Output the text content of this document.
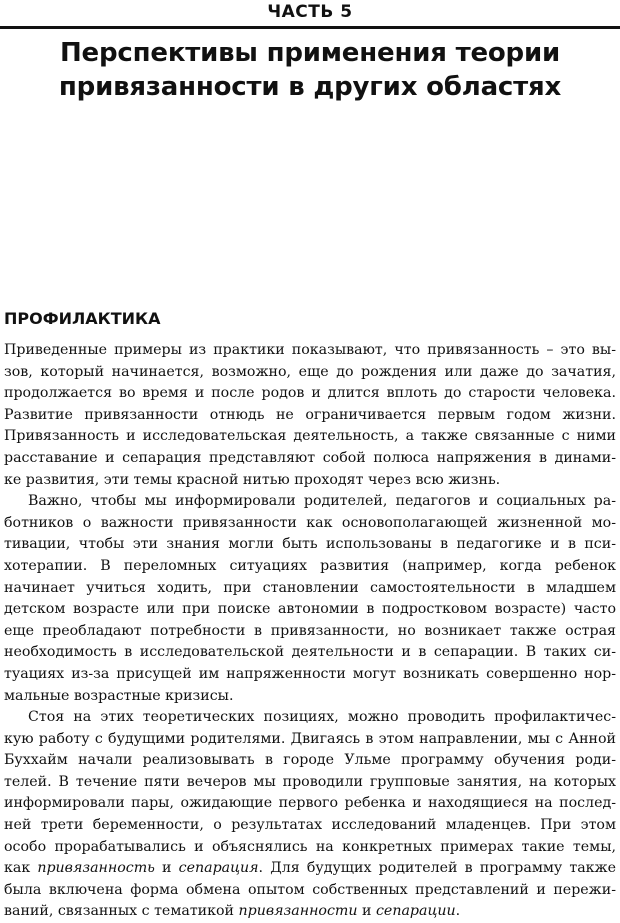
ЧАСТЬ 5
Перспективы применения теории
привязанности в других областях
ПРОФИЛАКТИКА
Приведенные примеры из практики показывают, что привязанность – это вы-
зов, который начинается, возможно, еще до рождения или даже до зачатия,
продолжается во время и после родов и длится вплоть до старости человека.
Развитие привязанности отнюдь не ограничивается первым годом жизни.
Привязанность и исследовательская деятельность, а также связанные с ними
расставание и сепарация представляют собой полюса напряжения в динами-
ке развития, эти темы красной нитью проходят через всю жизнь.
Важно, чтобы мы информировали родителей, педагогов и социальных ра-
ботников о важности привязанности как основополагающей жизненной мо-
тивации, чтобы эти знания могли быть использованы в педагогике и в пси-
хотерапии. В переломных ситуациях развития (например, когда ребенок
начинает учиться ходить, при становлении самостоятельности в младшем
детском возрасте или при поиске автономии в подростковом возрасте) часто
еще преобладают потребности в привязанности, но возникает также острая
необходимость в исследовательской деятельности и в сепарации. В таких си-
туациях из-за присущей им напряженности могут возникать совершенно нор-
мальные возрастные кризисы.
Стоя на этих теоретических позициях, можно проводить профилактичес-
кую работу с будущими родителями. Двигаясь в этом направлении, мы с Анной
Буххайм начали реализовывать в городе Ульме программу обучения роди-
телей. В течение пяти вечеров мы проводили групповые занятия, на которых
информировали пары, ожидающие первого ребенка и находящиеся на послед-
ней трети беременности, о результатах исследований младенцев. При этом
особо прорабатывались и объяснялись на конкретных примерах такие темы,
как привязанность и сепарация. Для будущих родителей в программу также
была включена форма обмена опытом собственных представлений и пережи-
ваний, связанных с тематикой привязанности и сепарации.
